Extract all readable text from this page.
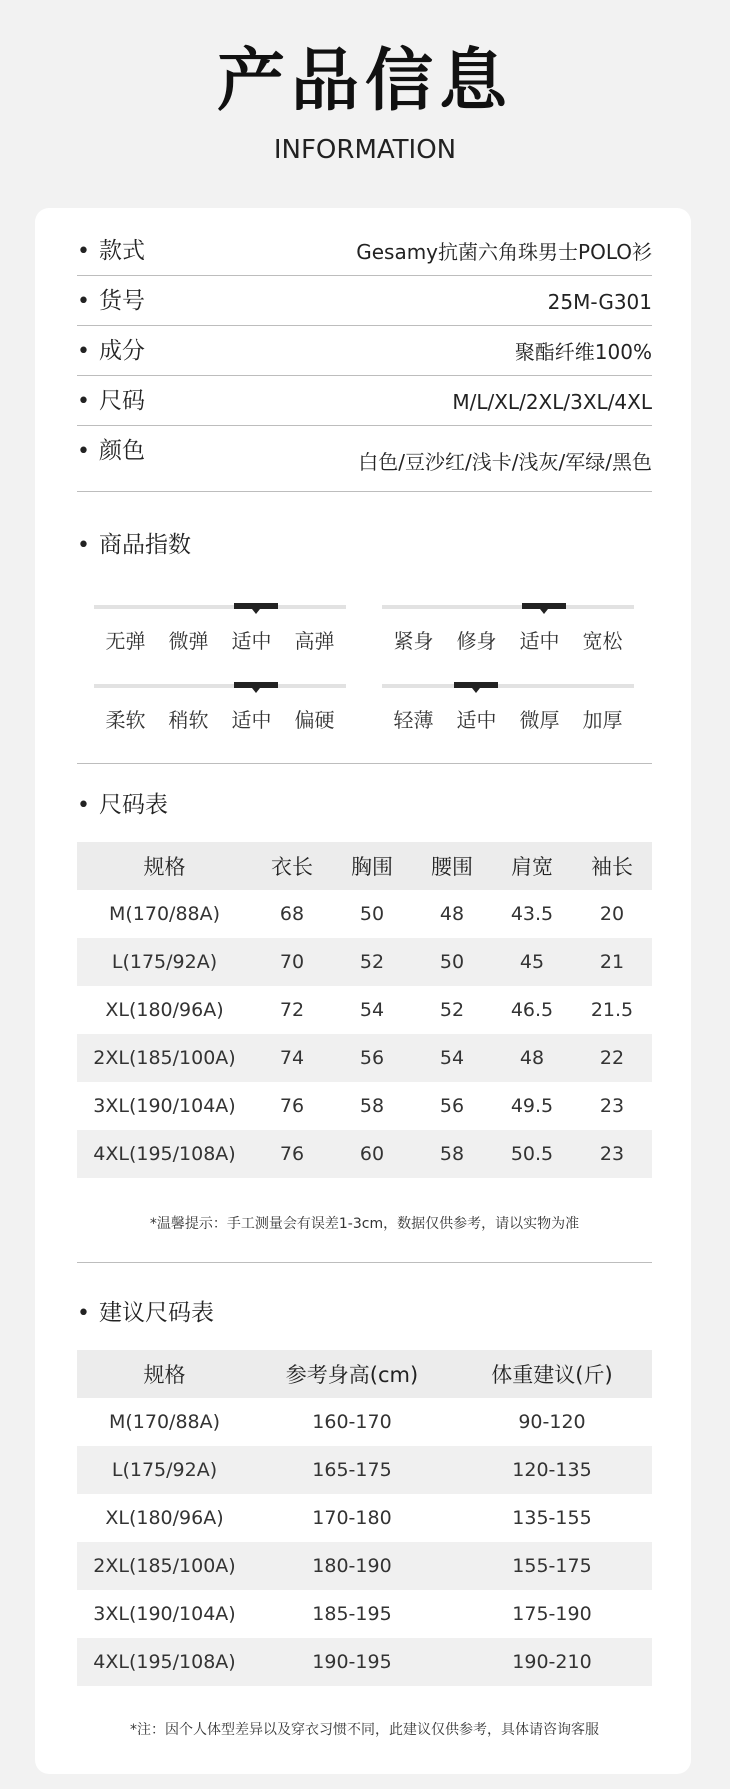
产品信息
INFORMATION
• 款式	Gesamy抗菌六角珠男士POLO衫
• 货号	25M-G301
• 成分	聚酯纤维100%
• 尺码	M/L/XL/2XL/3XL/4XL
• 颜色	白色/豆沙红/浅卡/浅灰/军绿/黑色
• 商品指数
无弹	微弹	适中	高弹	紧身	修身	适中	宽松
柔软	稍软	适中	偏硬	轻薄	适中	微厚	加厚
• 尺码表
规格	衣长	胸围	腰围	肩宽	袖长
M(170/88A)	68	50	48	43.5	20
L(175/92A)	70	52	50	45	21
XL(180/96A)	72	54	52	46.5	21.5
2XL(185/100A)	74	56	54	48	22
3XL(190/104A)	76	58	56	49.5	23
4XL(195/108A)	76	60	58	50.5	23
*温馨提示：手工测量会有误差1-3cm，数据仅供参考，请以实物为准
• 建议尺码表
规格	参考身高(cm)	体重建议(斤)
M(170/88A)	160-170	90-120
L(175/92A)	165-175	120-135
XL(180/96A)	170-180	135-155
2XL(185/100A)	180-190	155-175
3XL(190/104A)	185-195	175-190
4XL(195/108A)	190-195	190-210
*注：因个人体型差异以及穿衣习惯不同，此建议仅供参考，具体请咨询客服
